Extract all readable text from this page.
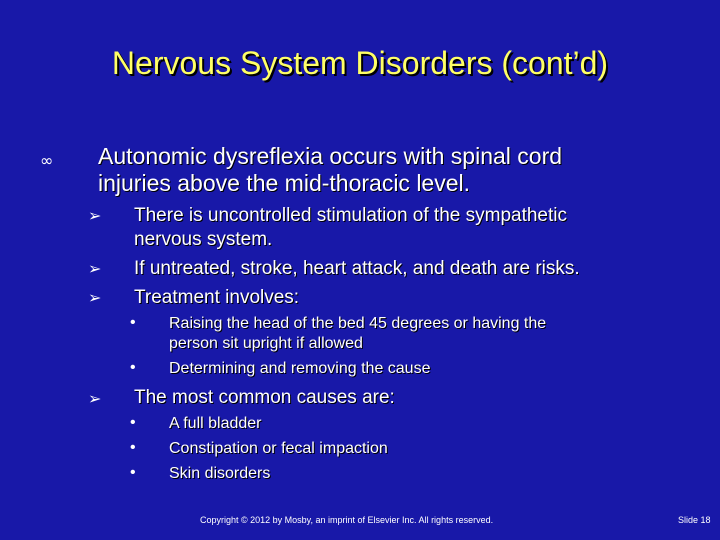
Nervous System Disorders (cont’d)
∞ Autonomic dysreflexia occurs with spinal cord
injuries above the mid-thoracic level.
➢ There is uncontrolled stimulation of the sympathetic
nervous system.
➢ If untreated, stroke, heart attack, and death are risks.
➢ Treatment involves:
• Raising the head of the bed 45 degrees or having the
person sit upright if allowed
• Determining and removing the cause
➢ The most common causes are:
• A full bladder
• Constipation or fecal impaction
• Skin disorders
Copyright © 2012 by Mosby, an imprint of Elsevier Inc. All rights reserved.	Slide 18
